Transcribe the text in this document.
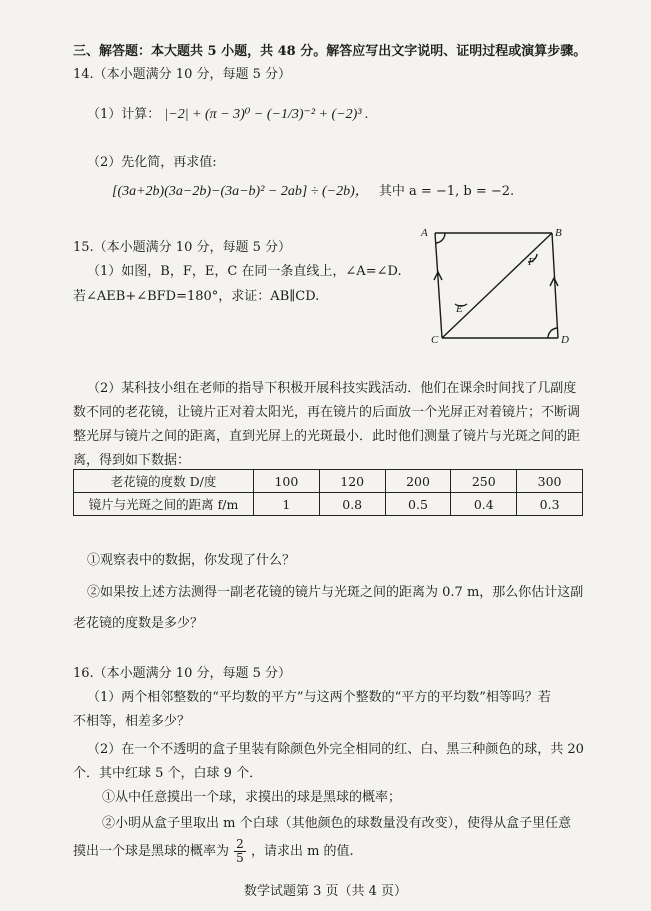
三、解答题：本大题共 5 小题，共 48 分。解答应写出文字说明、证明过程或演算步骤。
14.（本小题满分 10 分，每题 5 分）
（1）计算： |−2| + (π − 3)⁰ − (−1/3)⁻² + (−2)³ .
（2）先化简，再求值:
[(3a+2b)(3a−2b)−(3a−b)² − 2ab] ÷ (−2b)， 其中 a = −1, b = −2.
15.（本小题满分 10 分，每题 5 分）
（1）如图，B，F，E，C 在同一条直线上，∠A=∠D.
若∠AEB+∠BFD=180°，求证：AB∥CD.
A	B
F
E
C	D
（2）某科技小组在老师的指导下积极开展科技实践活动．他们在课余时间找了几副度
数不同的老花镜，让镜片正对着太阳光，再在镜片的后面放一个光屏正对着镜片；不断调
整光屏与镜片之间的距离，直到光屏上的光斑最小．此时他们测量了镜片与光斑之间的距
离，得到如下数据：
老花镜的度数 D/度	100	120	200	250	300
镜片与光斑之间的距离 f/m	1	0.8	0.5	0.4	0.3
①观察表中的数据，你发现了什么？
②如果按上述方法测得一副老花镜的镜片与光斑之间的距离为 0.7 m，那么你估计这副
老花镜的度数是多少？
16.（本小题满分 10 分，每题 5 分）
（1）两个相邻整数的“平均数的平方”与这两个整数的“平方的平均数”相等吗？若
不相等，相差多少？
（2）在一个不透明的盒子里装有除颜色外完全相同的红、白、黑三种颜色的球，共 20
个．其中红球 5 个，白球 9 个．
①从中任意摸出一个球，求摸出的球是黑球的概率；
②小明从盒子里取出 m 个白球（其他颜色的球数量没有改变），使得从盒子里任意
摸出一个球是黑球的概率为 $\frac{2}{5}$ ，请求出 m 的值.
数学试题第 3 页（共 4 页）
